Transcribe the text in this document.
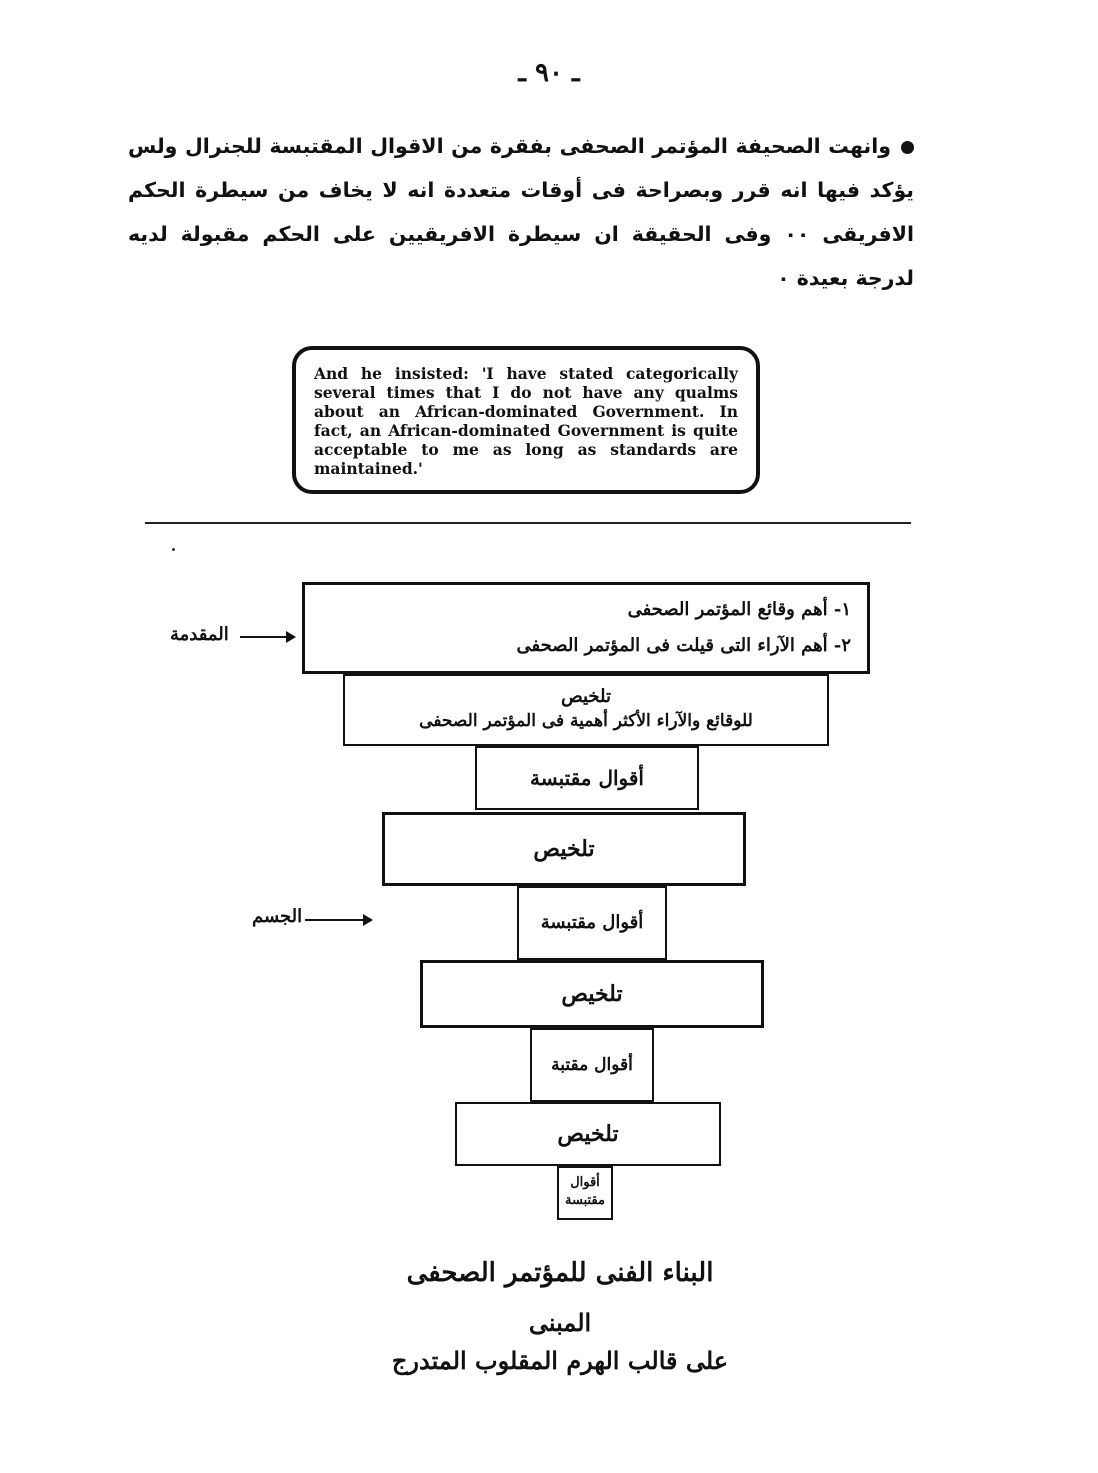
ـ ٩٠ ـ
وانهت الصحيفة المؤتمر الصحفى بفقرة من الاقوال المقتبسة للجنرال ولس يؤكد فيها انه قرر وبصراحة فى أوقات متعددة انه لا يخاف من سيطرة الحكم الافريقى ٠٠ وفى الحقيقة ان سيطرة الافريقيين على الحكم مقبولة لديه لدرجة بعيدة ٠
And he insisted: 'I have stated categorically several times that I do not have any qualms about an African-dominated Government. In fact, an African-dominated Government is quite acceptable to me as long as standards are maintained.'
المقدمة
١- أهم وقائع المؤتمر الصحفى
٢- أهم الآراء التى قيلت فى المؤتمر الصحفى
تلخيص
للوقائع والآراء الأكثر أهمية فى المؤتمر الصحفى
أقوال مقتبسة
تلخيص
الجسم	أقوال مقتبسة
تلخيص
أقوال مقتبة
تلخيص
أقوال مقتبسة
البناء الفنى للمؤتمر الصحفى
المبنى
على قالب الهرم المقلوب المتدرج
